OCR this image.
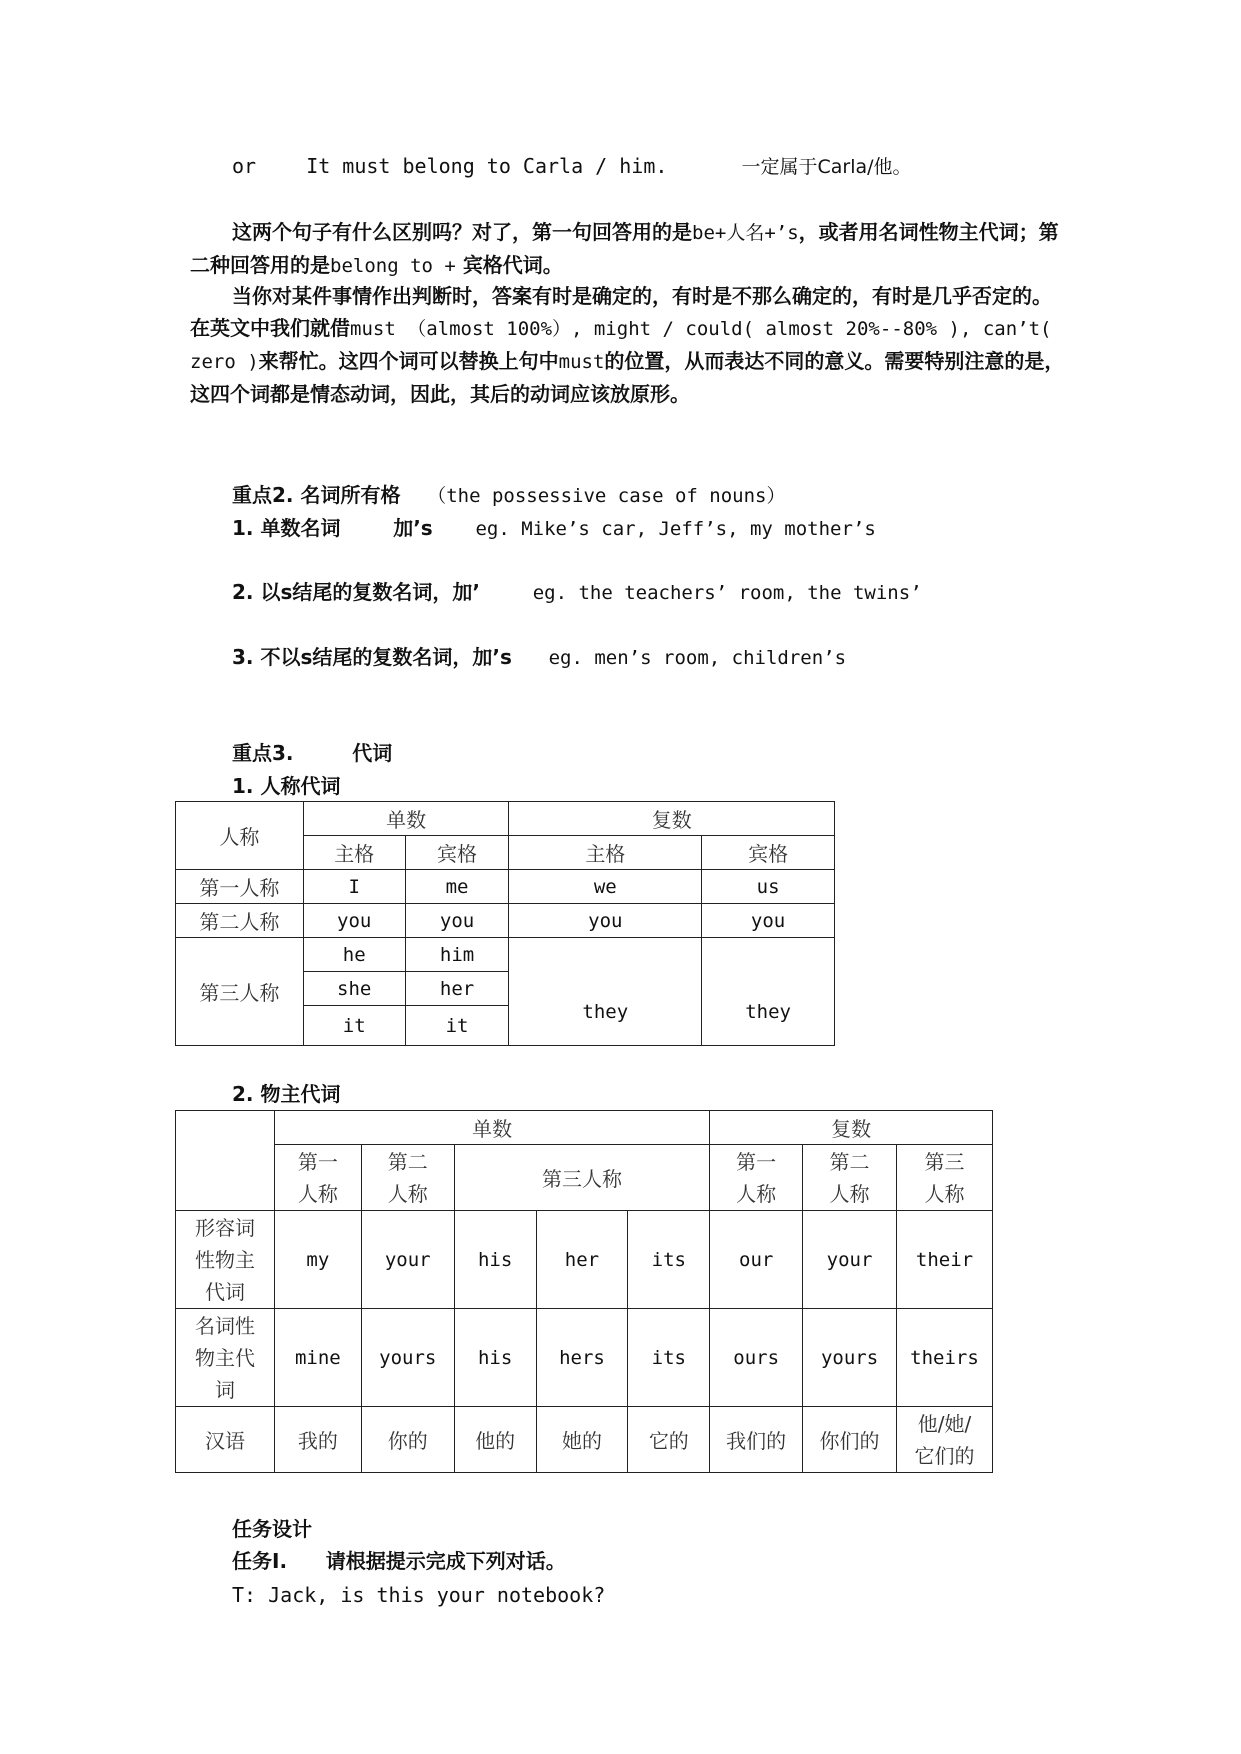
or	It must belong to Carla / him.	一定属于Carla/他。
这两个句子有什么区别吗？对了，第一句回答用的是be+人名+’s，或者用名词性物主代词；第二种回答用的是belong to + 宾格代词。
当你对某件事情作出判断时，答案有时是确定的，有时是不那么确定的，有时是几乎否定的。在英文中我们就借must （almost 100%）, might / could( almost 20%--80% ), can’t( zero )来帮忙。这四个词可以替换上句中must的位置，从而表达不同的意义。需要特别注意的是，这四个词都是情态动词，因此，其后的动词应该放原形。
重点2. 名词所有格 （the possessive case of nouns）
1. 单数名词	加’s eg. Mike’s car, Jeff’s, my mother’s
2. 以s结尾的复数名词，加’	eg. the teachers’ room, the twins’
3. 不以s结尾的复数名词，加’s eg. men’s room, children’s
重点3.	代词
1. 人称代词
人称	单数		复数	
	主格	宾格	主格	宾格
第一人称	I	me	we	us
第二人称	you	you	you	you
第三人称	he	him	they	they
	she	her		
	it	it		
2. 物主代词
	单数					复数		

	第一人称	第二人称	第三人称			第一人称	第二人称	第三人称

形容词性物主代词	my	your	his	her	its	our	your	their

名词性物主代词	mine	yours	his	hers	its	ours	yours	theirs
汉语	我的	你的	他的	她的	它的	我们的	你们的	他/她/它们的
任务设计
任务I. 请根据提示完成下列对话。
T: Jack, is this your notebook?
